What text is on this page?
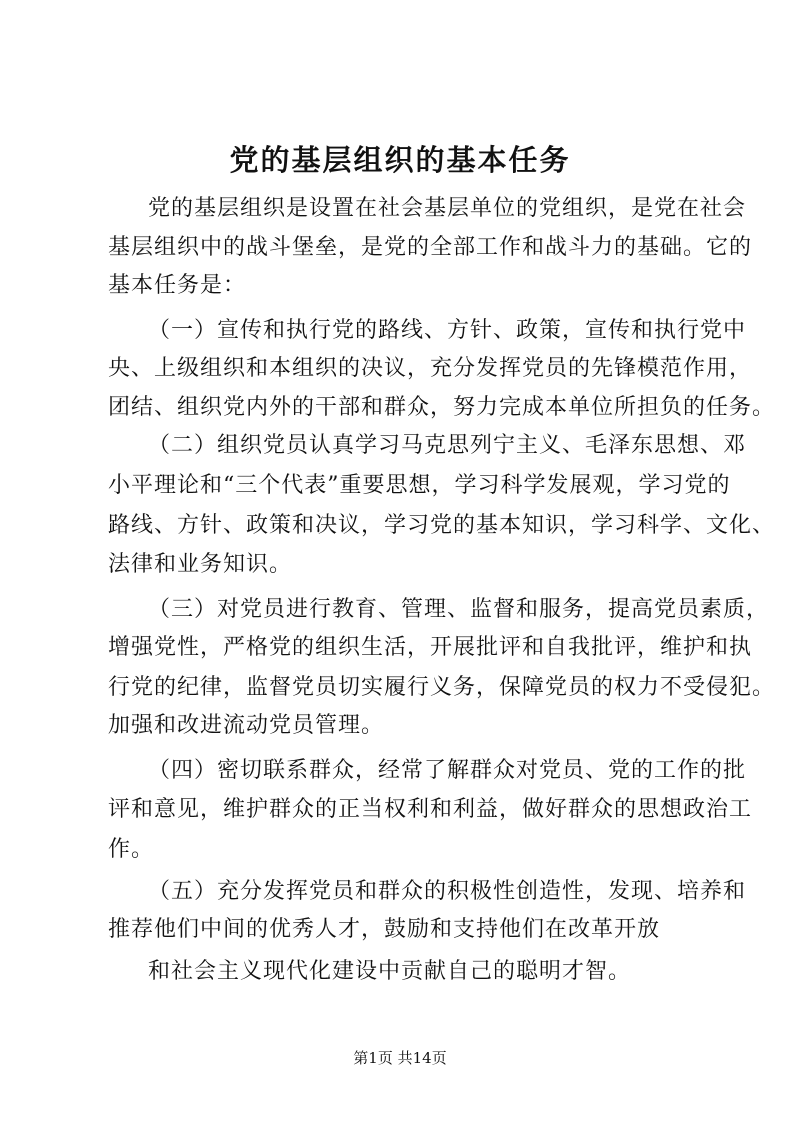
党的基层组织的基本任务
党的基层组织是设置在社会基层单位的党组织，是党在社会
基层组织中的战斗堡垒，是党的全部工作和战斗力的基础。它的
基本任务是：
（一）宣传和执行党的路线、方针、政策，宣传和执行党中
央、上级组织和本组织的决议，充分发挥党员的先锋模范作用，
团结、组织党内外的干部和群众，努力完成本单位所担负的任务。
（二）组织党员认真学习马克思列宁主义、毛泽东思想、邓
小平理论和“三个代表”重要思想，学习科学发展观，学习党的
路线、方针、政策和决议，学习党的基本知识，学习科学、文化、
法律和业务知识。
（三）对党员进行教育、管理、监督和服务，提高党员素质，
增强党性，严格党的组织生活，开展批评和自我批评，维护和执
行党的纪律，监督党员切实履行义务，保障党员的权力不受侵犯。
加强和改进流动党员管理。
（四）密切联系群众，经常了解群众对党员、党的工作的批
评和意见，维护群众的正当权利和利益，做好群众的思想政治工
作。
（五）充分发挥党员和群众的积极性创造性，发现、培养和
推荐他们中间的优秀人才，鼓励和支持他们在改革开放
和社会主义现代化建设中贡献自己的聪明才智。
第1页 共14页
